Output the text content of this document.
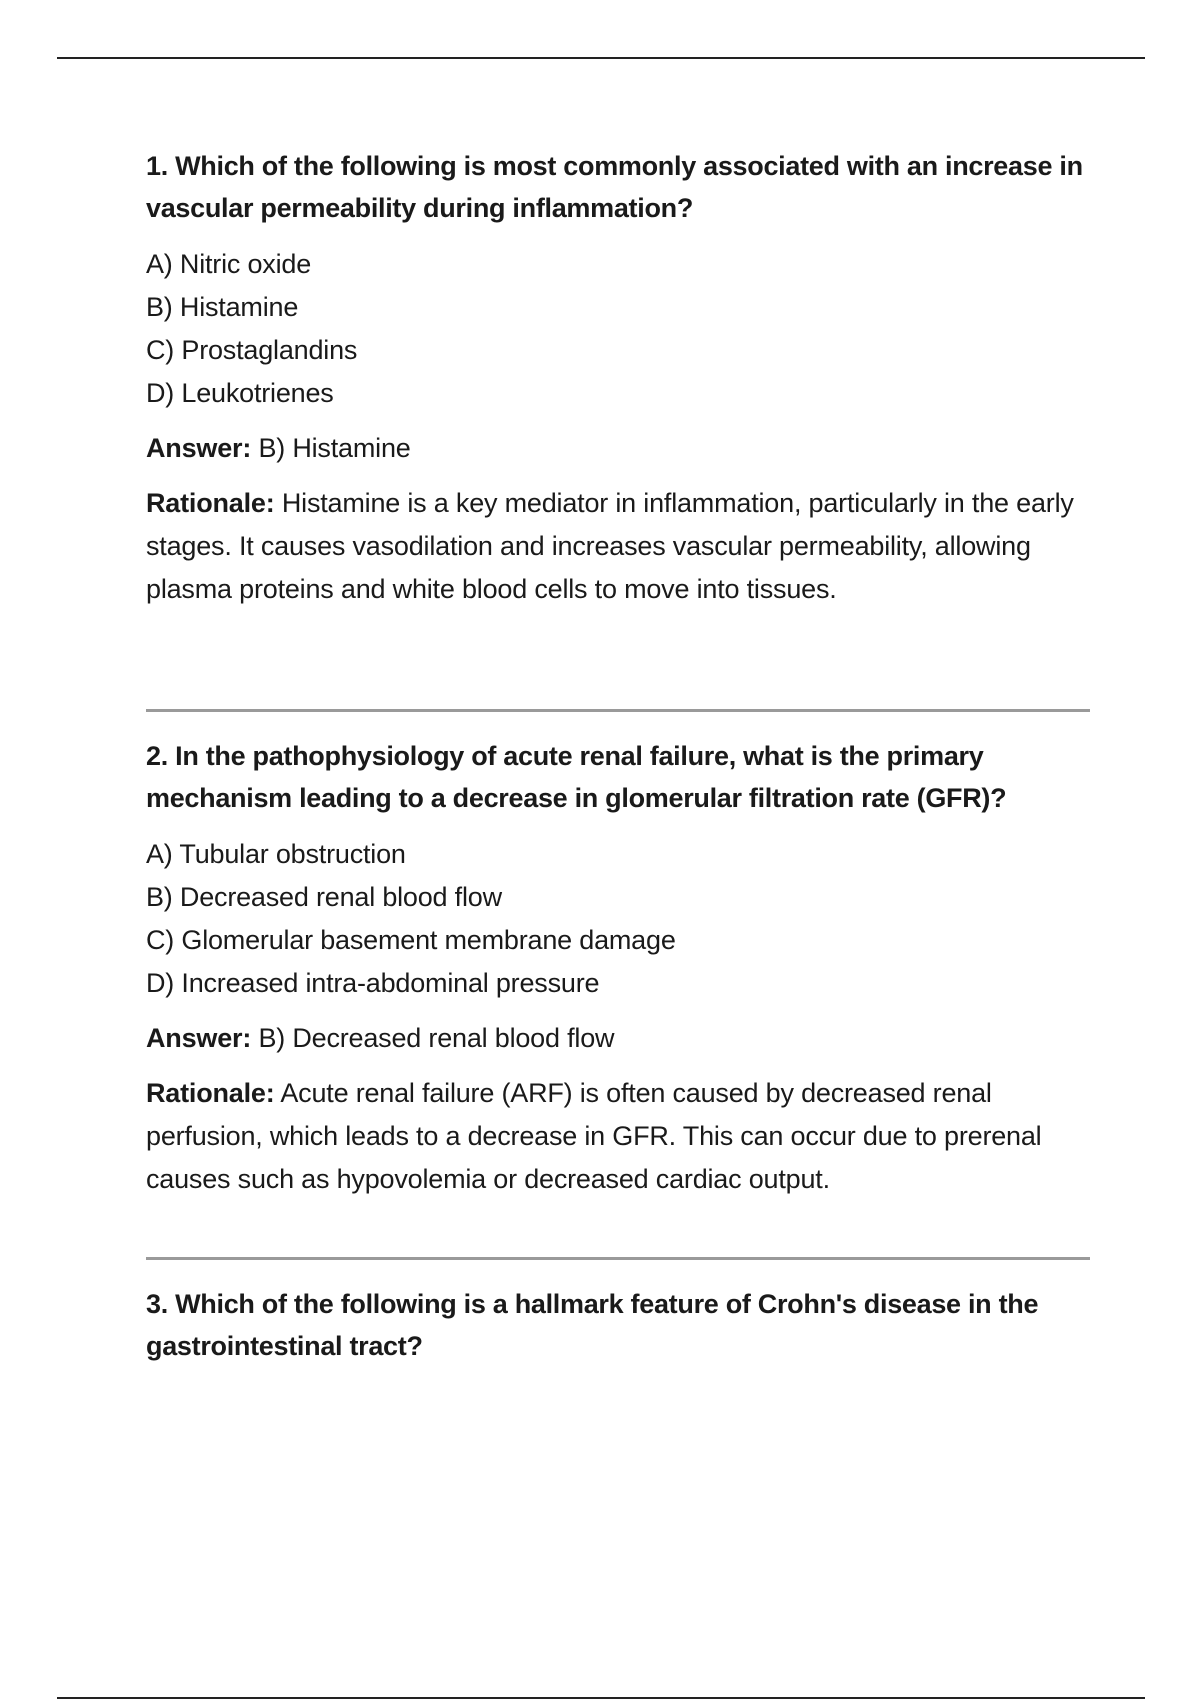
1. Which of the following is most commonly associated with an increase in vascular permeability during inflammation?

A) Nitric oxide
B) Histamine
C) Prostaglandins
D) Leukotrienes

Answer: B) Histamine

Rationale: Histamine is a key mediator in inflammation, particularly in the early stages. It causes vasodilation and increases vascular permeability, allowing plasma proteins and white blood cells to move into tissues.

2. In the pathophysiology of acute renal failure, what is the primary mechanism leading to a decrease in glomerular filtration rate (GFR)?

A) Tubular obstruction
B) Decreased renal blood flow
C) Glomerular basement membrane damage
D) Increased intra-abdominal pressure

Answer: B) Decreased renal blood flow

Rationale: Acute renal failure (ARF) is often caused by decreased renal perfusion, which leads to a decrease in GFR. This can occur due to prerenal causes such as hypovolemia or decreased cardiac output.

3. Which of the following is a hallmark feature of Crohn's disease in the gastrointestinal tract?
